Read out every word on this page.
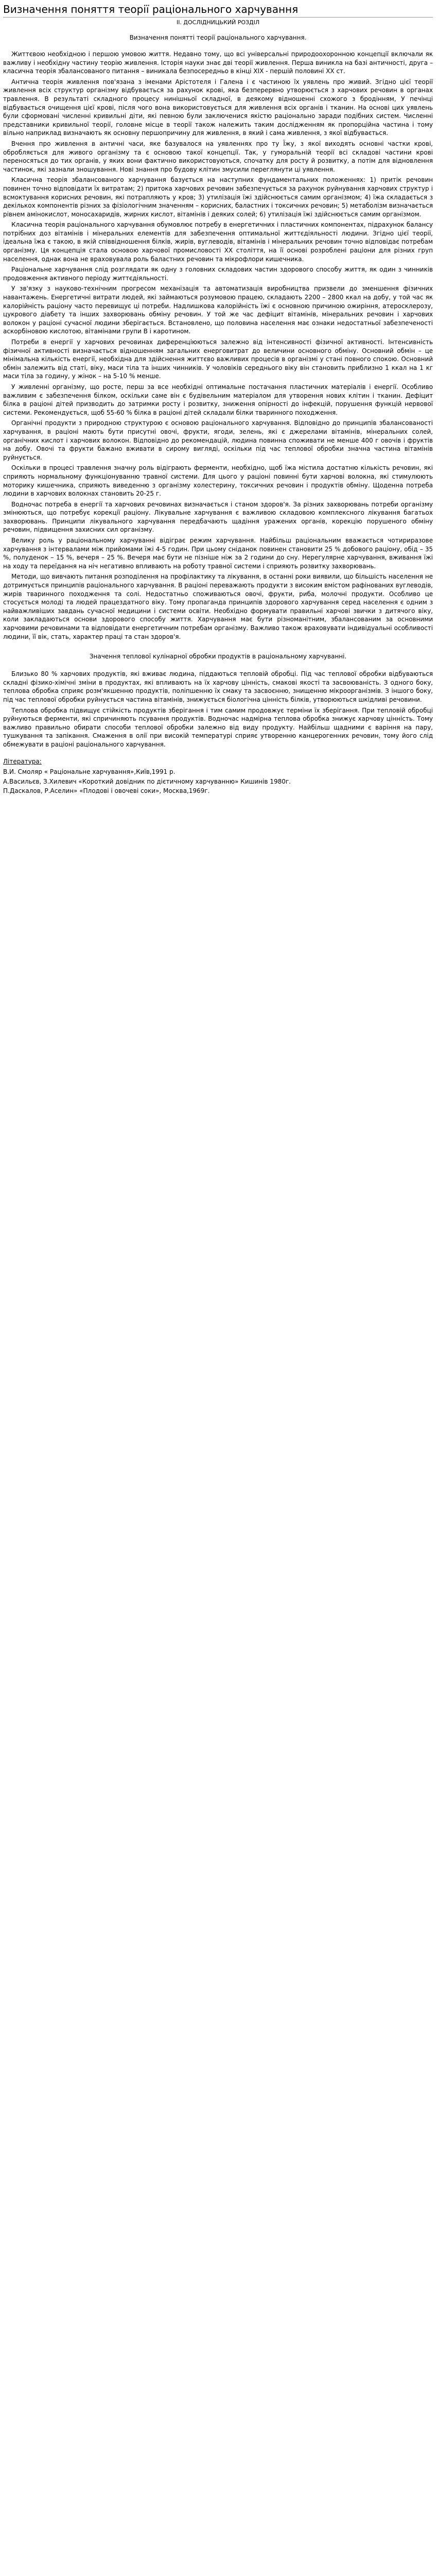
Визначення поняття теорії раціонального харчування
ІІ. ДОСЛІДНИЦЬКИЙ РОЗДІЛ
Визначення понятті теорії раціонального харчування.

Життєвою необхідною і першою умовою життя. Недавно тому, що всі універсальні природоохоронною концепції включали як важливу і необхідну частину теорію живлення. Історія науки знає дві теорії живлення. Перша виникла на базі античності, друга – класична теорія збалансованого питання – виникала безпосередньо в кінці XIX - першій половині XX ст.

Антична теорія живлення пов'язана з іменами Арістотеля і Галена і є частиною їх уявлень про живий. Згідно цієї теорії живлення всіх структур організму відбувається за рахунок крові, яка безперервно утворюється з харчових речовин в органах травлення. В результаті складного процесу нинішньої складної, в деякому відношенні схожого з бродінням, У печінці відбувається очищення цієї крові, після чого вона використовується для живлення всіх органів і тканин. На основі цих уявлень були сформовані численні кривильні діти, які певною були заключенися якістю раціонально заради подібних систем. Численні представники кривильної теорії, головне місце в теорії також належить таким дослідженням як пропорційна частина і тому вільно наприклад визначають як основну першопричину для живлення, в який і сама живлення, з якої відбувається.

Вчення про живлення в античні часи, яке базувалося на уявленнях про ту Їжу, з якої виходять основні частки крові, обробляється для живого організму та є основою такої концепції. Так, у гуморальній теорії всі складові частини крові переносяться до тих органів, у яких вони фактично використовуються, спочатку для росту й розвитку, а потім для відновлення частинок, які зазнали зношування. Нові знання про будову клітин змусили переглянути ці уявлення.

Класична теорія збалансованого харчування базується на наступних фундаментальних положеннях: 1) притік речовин повинен точно відповідати їх витратам; 2) притока харчових речовин забезпечується за рахунок руйнування харчових структур і всмоктування корисних речовин, які потрапляють у кров; 3) утилізація їжі здійснюється самим організмом; 4) їжа складається з декількох компонентів різних за фізіологічним значенням – корисних, баластних і токсичних речовин; 5) метаболізм визначається рівнем амінокислот, моносахаридів, жирних кислот, вітамінів і деяких солей; 6) утилізація їжі здійснюється самим організмом.

Класична теорія раціонального харчування обумовлює потребу в енергетичних і пластичних компонентах, підрахунок балансу потрібних доз вітамінів і мінеральних елементів для забезпечення оптимальної життєдіяльності людини. Згідно цієї теорії, ідеальна їжа є такою, в якій співвідношення білків, жирів, вуглеводів, вітамінів і мінеральних речовин точно відповідає потребам організму. Ця концепція стала основою харчової промисловості XX століття, на її основі розроблені раціони для різних груп населення, однак вона не враховувала роль баластних речовин та мікрофлори кишечника.

Раціональне харчування слід розглядати як одну з головних складових частин здорового способу життя, як один з чинників продовження активного періоду життєдіяльності.

У зв'язку з науково-технічним прогресом механізація та автоматизація виробництва призвели до зменшення фізичних навантажень. Енергетичні витрати людей, які займаються розумовою працею, складають 2200 – 2800 ккал на добу, у той час як калорійність раціону часто перевищує ці потреби. Надлишкова калорійність їжі є основною причиною ожиріння, атеросклерозу, цукрового діабету та інших захворювань обміну речовин. У той же час дефіцит вітамінів, мінеральних речовин і харчових волокон у раціоні сучасної людини зберігається. Встановлено, що половина населення має ознаки недостатньої забезпеченості аскорбіновою кислотою, вітамінами групи В і каротином.

Потреби в енергії у харчових речовинах диференціюються залежно від інтенсивності фізичної активності. Інтенсивність фізичної активності визначається відношенням загальних енерговитрат до величини основного обміну. Основний обмін – це мінімальна кількість енергії, необхідна для здійснення життєво важливих процесів в організмі у стані повного спокою. Основний обмін залежить від статі, віку, маси тіла та інших чинників. У чоловіків середнього віку він становить приблизно 1 ккал на 1 кг маси тіла за годину, у жінок – на 5-10 % менше.

У живленні організму, що росте, перш за все необхідні оптимальне постачання пластичних матеріалів і енергії. Особливо важливим є забезпечення білком, оскільки саме він є будівельним матеріалом для утворення нових клітин і тканин. Дефіцит білка в раціоні дітей призводить до затримки росту і розвитку, зниження опірності до інфекцій, порушення функцій нервової системи. Рекомендується, щоб 55-60 % білка в раціоні дітей складали білки тваринного походження.

Органічні продукти з природною структурою є основою раціонального харчування. Відповідно до принципів збалансованості харчування, в раціоні мають бути присутні овочі, фрукти, ягоди, зелень, які є джерелами вітамінів, мінеральних солей, органічних кислот і харчових волокон. Відповідно до рекомендацій, людина повинна споживати не менше 400 г овочів і фруктів на добу. Овочі та фрукти бажано вживати в сирому вигляді, оскільки під час теплової обробки значна частина вітамінів руйнується.

Оскільки в процесі травлення значну роль відіграють ферменти, необхідно, щоб їжа містила достатню кількість речовин, які сприяють нормальному функціонуванню травної системи. Для цього у раціоні повинні бути харчові волокна, які стимулюють моторику кишечника, сприяють виведенню з організму холестерину, токсичних речовин і продуктів обміну. Щоденна потреба людини в харчових волокнах становить 20-25 г.

Водночас потреба в енергії та харчових речовинах визначається і станом здоров'я. За різних захворювань потреби організму змінюються, що потребує корекції раціону. Лікувальне харчування є важливою складовою комплексного лікування багатьох захворювань. Принципи лікувального харчування передбачають щадіння уражених органів, корекцію порушеного обміну речовин, підвищення захисних сил організму.

Велику роль у раціональному харчуванні відіграє режим харчування. Найбільш раціональним вважається чотириразове харчування з інтервалами між прийомами їжі 4-5 годин. При цьому сніданок повинен становити 25 % добового раціону, обід – 35 %, полуденок – 15 %, вечеря – 25 %. Вечеря має бути не пізніше ніж за 2 години до сну. Нерегулярне харчування, вживання їжі на ходу та переїдання на ніч негативно впливають на роботу травної системи і сприяють розвитку захворювань.

Методи, що вивчають питання розподілення на профілактику та лікування, в останні роки виявили, що більшість населення не дотримується принципів раціонального харчування. В раціоні переважають продукти з високим вмістом рафінованих вуглеводів, жирів тваринного походження та солі. Недостатньо споживаються овочі, фрукти, риба, молочні продукти. Особливо це стосується молоді та людей працездатного віку. Тому пропаганда принципів здорового харчування серед населення є одним з найважливіших завдань сучасної медицини і системи освіти. Необхідно формувати правильні харчові звички з дитячого віку, коли закладаються основи здорового способу життя. Харчування має бути різноманітним, збалансованим за основними харчовими речовинами та відповідати енергетичним потребам організму. Важливо також враховувати індивідуальні особливості людини, її вік, стать, характер праці та стан здоров'я.

Значення теплової кулінарної обробки продуктів в раціональному харчуванні.

Близько 80 % харчових продуктів, які вживає людина, піддаються тепловій обробці. Під час теплової обробки відбуваються складні фізико-хімічні зміни в продуктах, які впливають на їх харчову цінність, смакові якості та засвоюваність. З одного боку, теплова обробка сприяє розм'якшенню продуктів, поліпшенню їх смаку та засвоєнню, знищенню мікроорганізмів. З іншого боку, під час теплової обробки руйнується частина вітамінів, знижується біологічна цінність білків, утворюються шкідливі речовини.

Теплова обробка підвищує стійкість продуктів зберігання і тим самим продовжує терміни їх зберігання. При тепловій обробці руйнуються ферменти, які спричиняють псування продуктів. Водночас надмірна теплова обробка знижує харчову цінність. Тому важливо правильно обирати способи теплової обробки залежно від виду продукту. Найбільш щадними є варіння на пару, тушкування та запікання. Смаження в олії при високій температурі сприяє утворенню канцерогенних речовин, тому його слід обмежувати в раціоні раціонального харчування.

Література:
В.И. Смоляр « Раціональне харчування»,Київ,1991 р.
А.Васильєв, З.Хилевич «Короткий довідник по дієтичному харчуванню» Кишинів 1980г.
П.Даскалов, Р.Аселин» «Плодові і овочеві соки», Москва,1969г.
